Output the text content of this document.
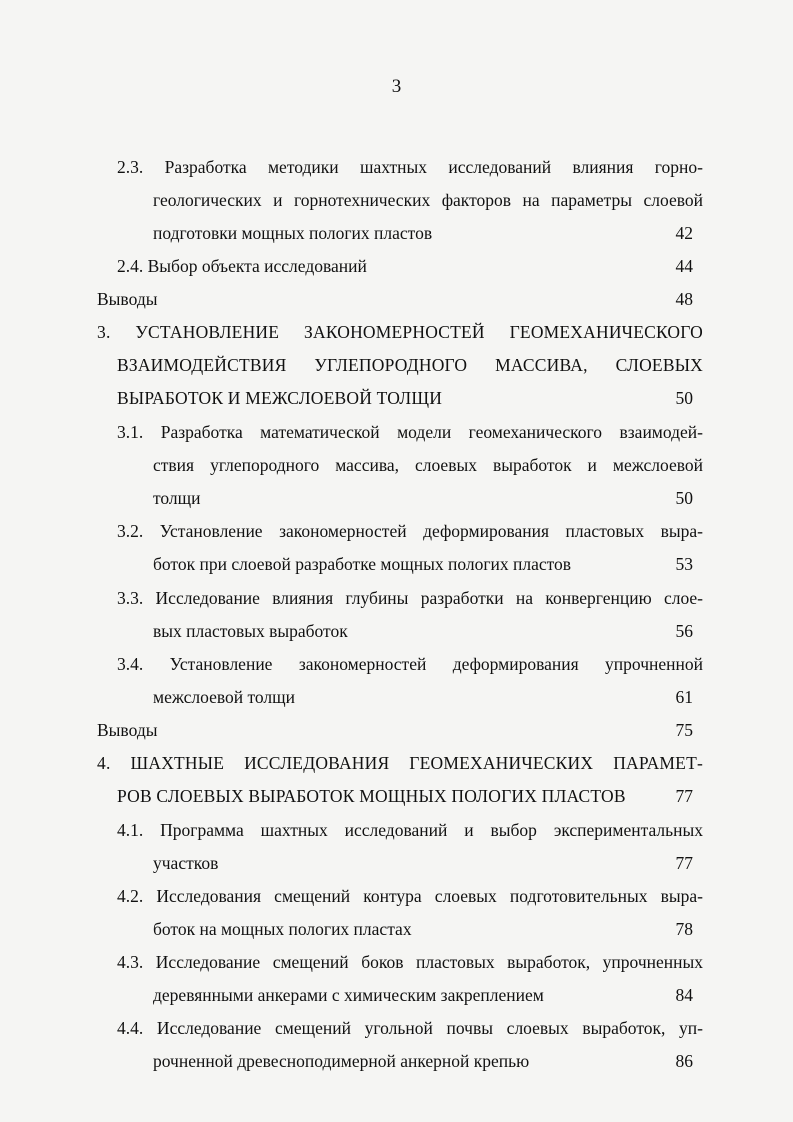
3
2.3. Разработка методики шахтных исследований влияния горно-
геологических и горнотехнических факторов на параметры слоевой
подготовки мощных пологих пластов	42
2.4. Выбор объекта исследований	44
Выводы	48
3. УСТАНОВЛЕНИЕ ЗАКОНОМЕРНОСТЕЙ ГЕОМЕХАНИЧЕСКОГО
ВЗАИМОДЕЙСТВИЯ УГЛЕПОРОДНОГО МАССИВА, СЛОЕВЫХ
ВЫРАБОТОК И МЕЖСЛОЕВОЙ ТОЛЩИ	50
3.1. Разработка математической модели геомеханического взаимодей-
ствия углепородного массива, слоевых выработок и межслоевой
толщи	50
3.2. Установление закономерностей деформирования пластовых выра-
боток при слоевой разработке мощных пологих пластов	53
3.3. Исследование влияния глубины разработки на конвергенцию слое-
вых пластовых выработок	56
3.4. Установление закономерностей деформирования упрочненной
межслоевой толщи	61
Выводы	75
4. ШАХТНЫЕ ИССЛЕДОВАНИЯ ГЕОМЕХАНИЧЕСКИХ ПАРАМЕТ-
РОВ СЛОЕВЫХ ВЫРАБОТОК МОЩНЫХ ПОЛОГИХ ПЛАСТОВ	77
4.1. Программа шахтных исследований и выбор экспериментальных
участков	77
4.2. Исследования смещений контура слоевых подготовительных выра-
боток на мощных пологих пластах	78
4.3. Исследование смещений боков пластовых выработок, упрочненных
деревянными анкерами с химическим закреплением	84
4.4. Исследование смещений угольной почвы слоевых выработок, уп-
рочненной древесноподимерной анкерной крепью	86
